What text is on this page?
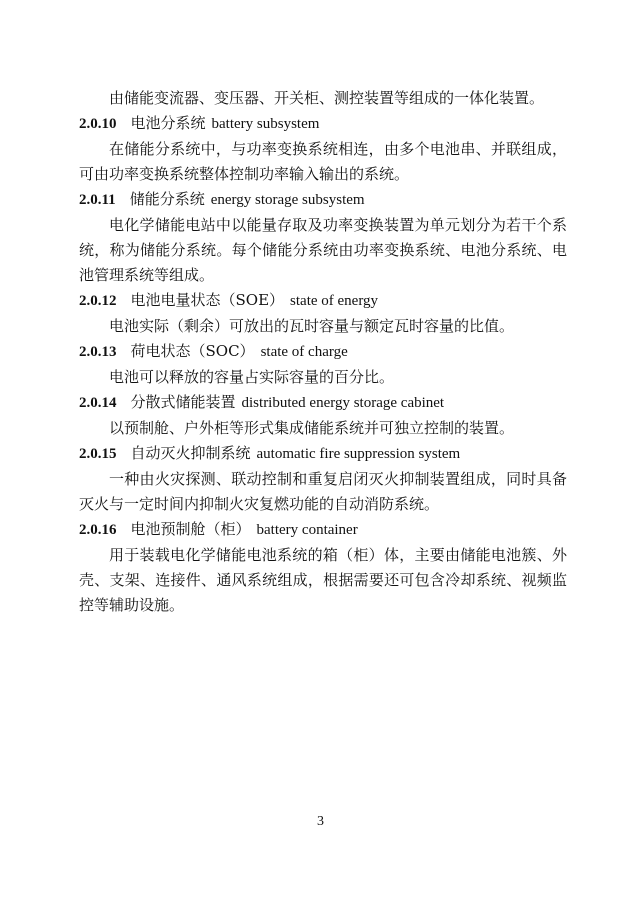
由储能变流器、变压器、开关柜、测控装置等组成的一体化装置。

2.0.10 电池分系统 battery subsystem

在储能分系统中，与功率变换系统相连，由多个电池串、并联组成，可由功率变换系统整体控制功率输入输出的系统。

2.0.11 储能分系统 energy storage subsystem

电化学储能电站中以能量存取及功率变换装置为单元划分为若干个系统，称为储能分系统。每个储能分系统由功率变换系统、电池分系统、电池管理系统等组成。

2.0.12 电池电量状态（SOE） state of energy

电池实际（剩余）可放出的瓦时容量与额定瓦时容量的比值。

2.0.13 荷电状态（SOC） state of charge

电池可以释放的容量占实际容量的百分比。

2.0.14 分散式储能装置 distributed energy storage cabinet

以预制舱、户外柜等形式集成储能系统并可独立控制的装置。

2.0.15 自动灭火抑制系统 automatic fire suppression system

一种由火灾探测、联动控制和重复启闭灭火抑制装置组成，同时具备灭火与一定时间内抑制火灾复燃功能的自动消防系统。

2.0.16 电池预制舱（柜） battery container

用于装载电化学储能电池系统的箱（柜）体，主要由储能电池簇、外壳、支架、连接件、通风系统组成，根据需要还可包含冷却系统、视频监控等辅助设施。

3
